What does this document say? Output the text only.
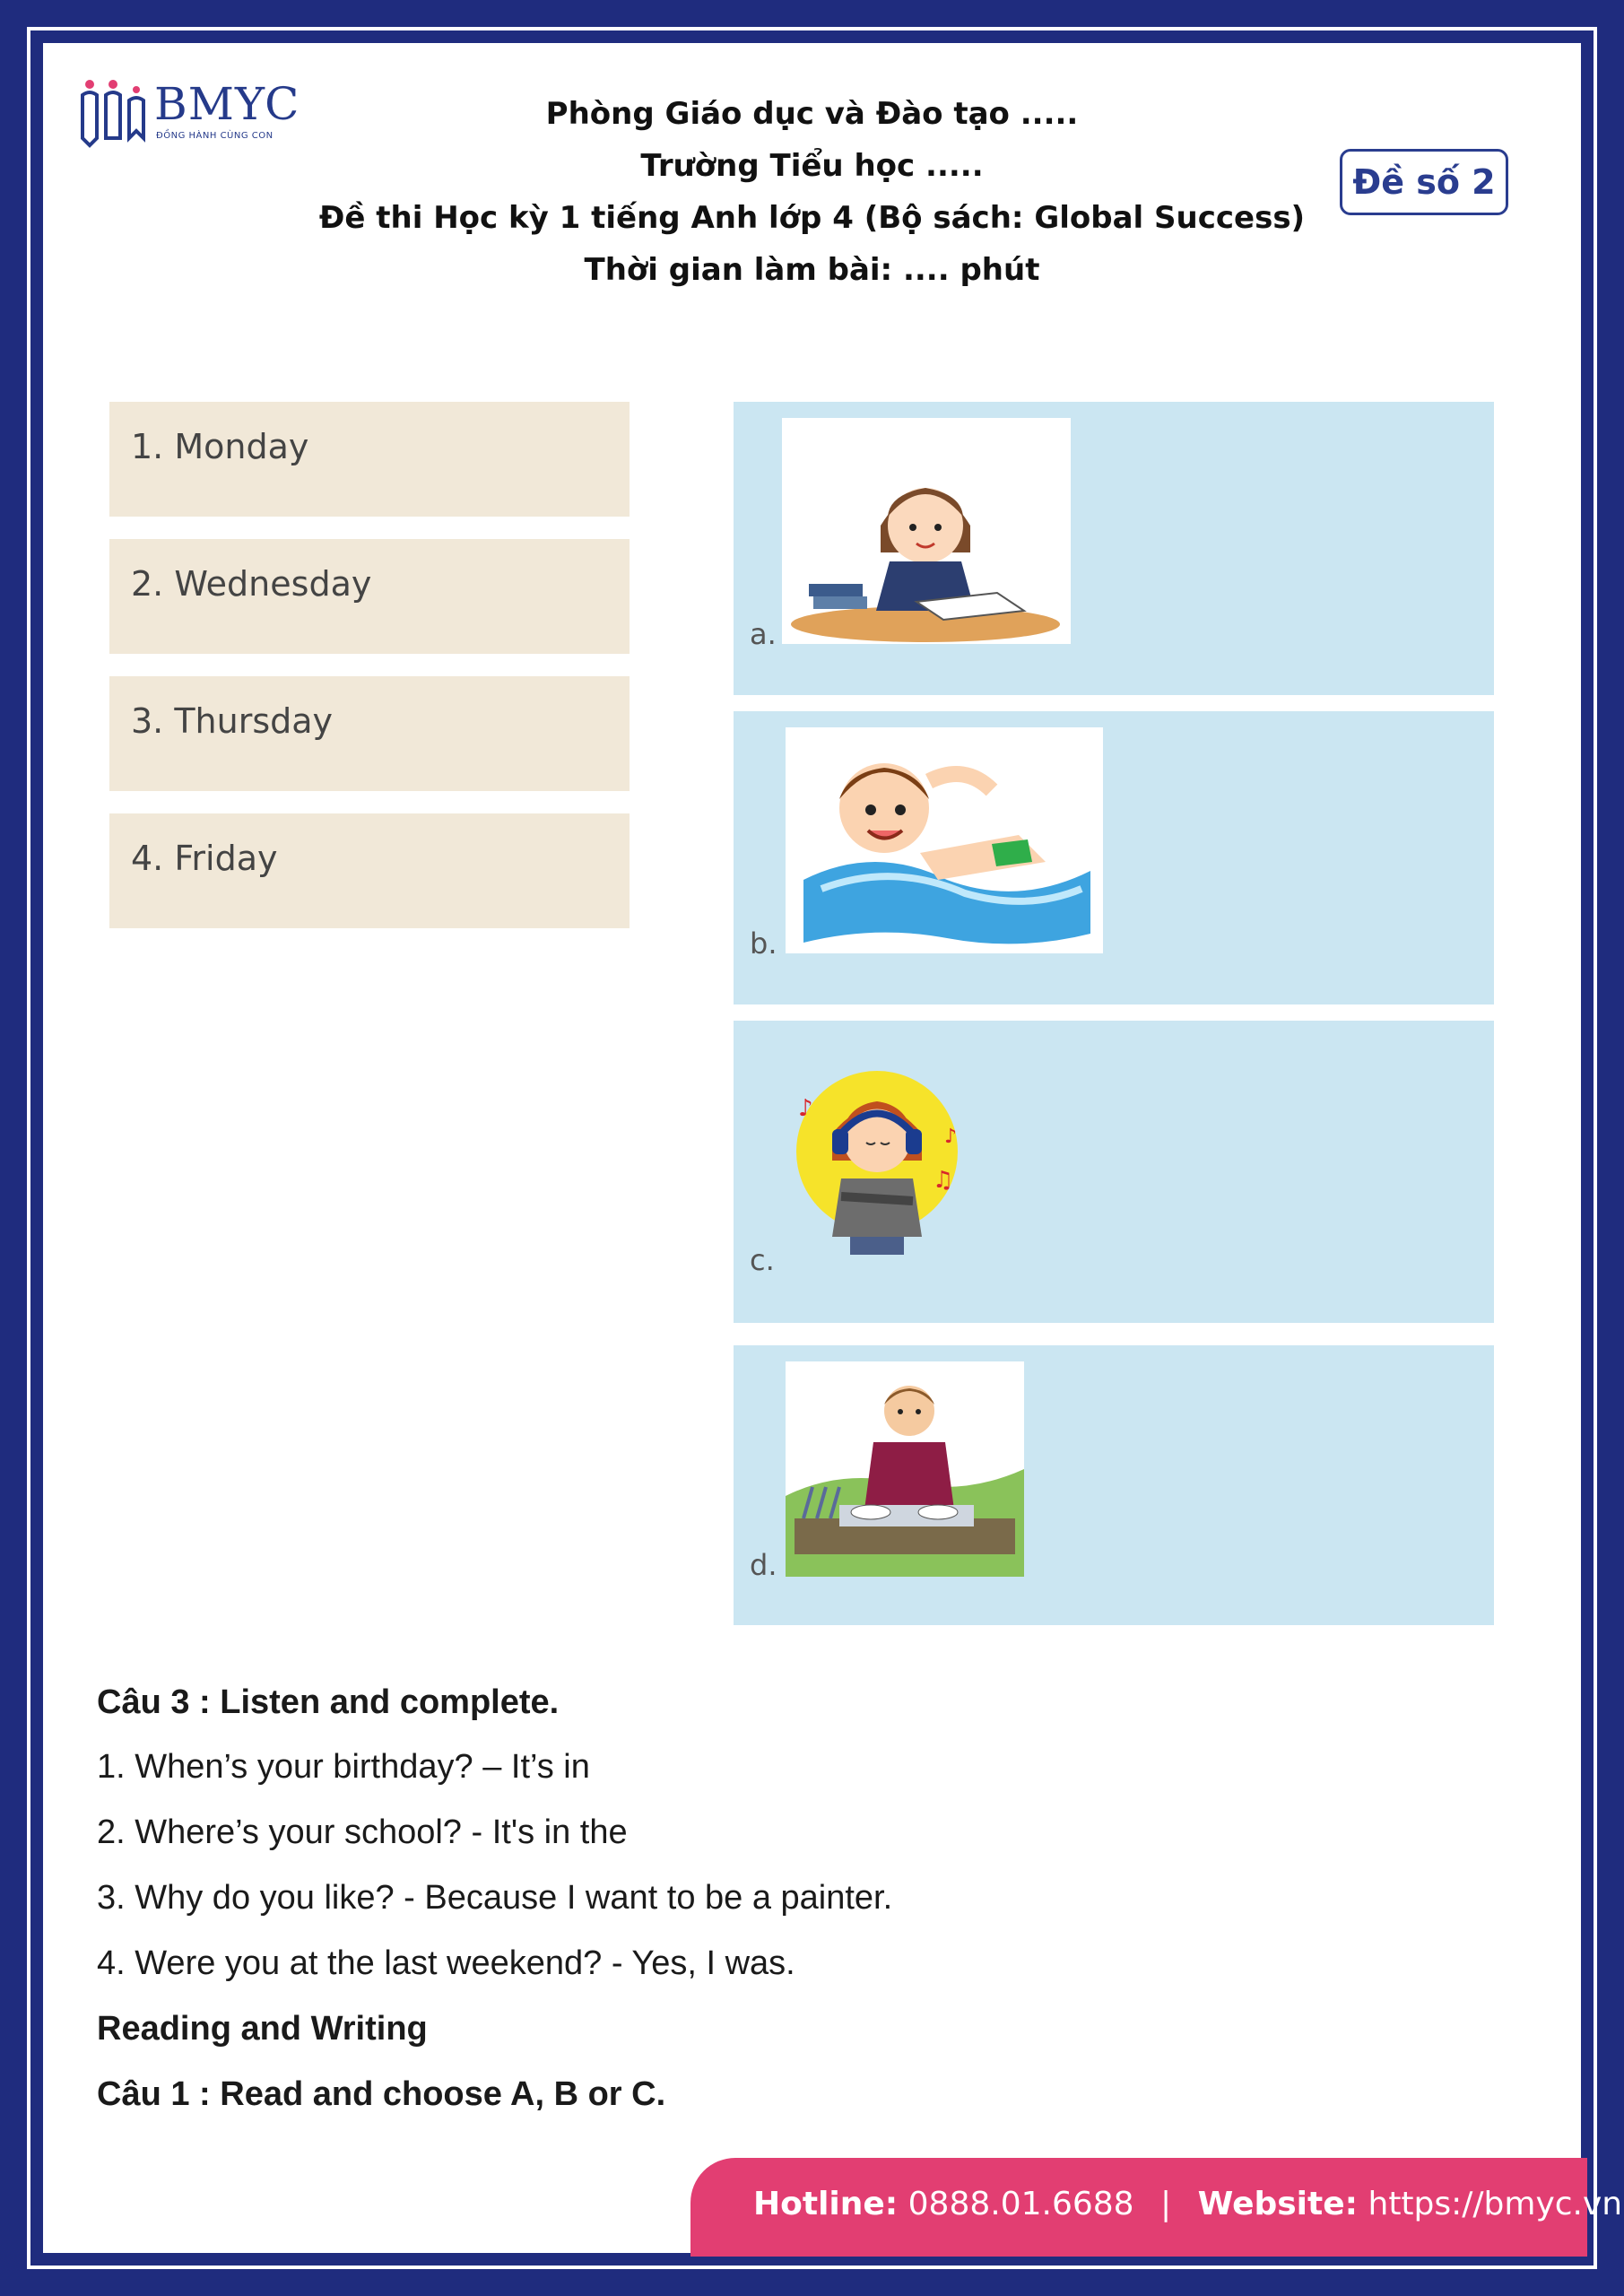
BMYC
ĐỒNG HÀNH CÙNG CON
Phòng Giáo dục và Đào tạo .....
Trường Tiểu học .....
Đề thi Học kỳ 1 tiếng Anh lớp 4 (Bộ sách: Global Success)
Thời gian làm bài: .... phút
Đề số 2
1. Monday
2. Wednesday
3. Thursday
4. Friday
a.
b.
♪
♫
♪
c.
d.
Câu 3 : Listen and complete.
1. When’s your birthday? – It’s in
2. Where’s your school? - It's in the
3. Why do you like? - Because I want to be a painter.
4. Were you at the last weekend? - Yes, I was.
Reading and Writing
Câu 1 : Read and choose A, B or C.
Hotline: 0888.01.6688 | Website: https://bmyc.vn
